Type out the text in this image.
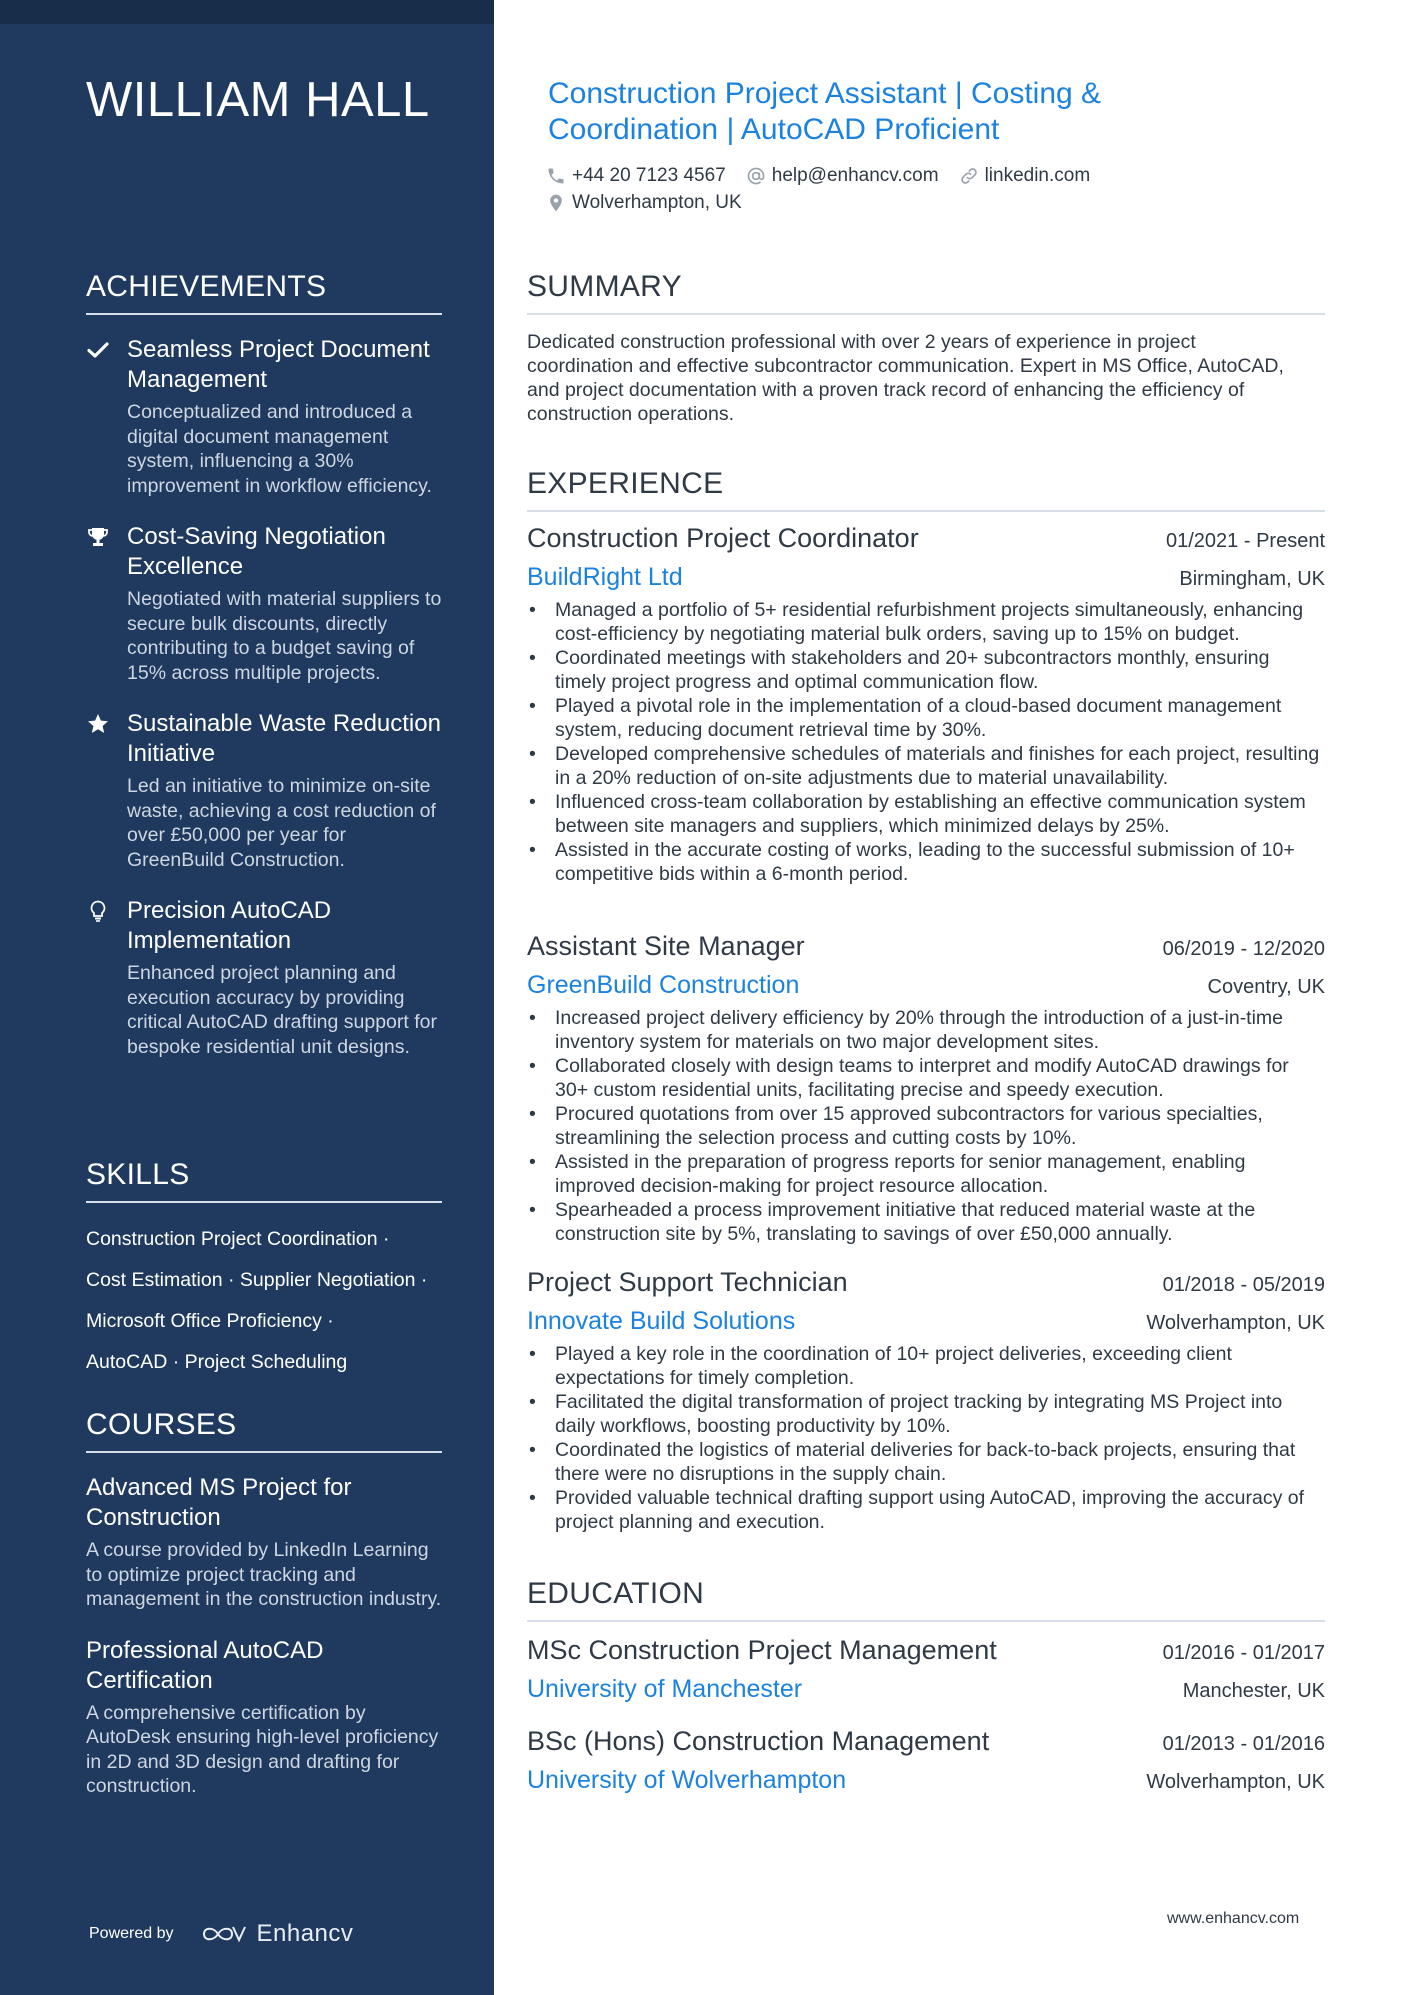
WILLIAM HALL
ACHIEVEMENTS
Seamless Project Document Management
Conceptualized and introduced a digital document management system, influencing a 30% improvement in workflow efficiency.
Cost-Saving Negotiation Excellence
Negotiated with material suppliers to secure bulk discounts, directly contributing to a budget saving of 15% across multiple projects.
Sustainable Waste Reduction Initiative
Led an initiative to minimize on-site waste, achieving a cost reduction of over £50,000 per year for GreenBuild Construction.
Precision AutoCAD Implementation
Enhanced project planning and execution accuracy by providing critical AutoCAD drafting support for bespoke residential unit designs.
SKILLS
Construction Project Coordination ·
Cost Estimation · Supplier Negotiation ·
Microsoft Office Proficiency ·
AutoCAD · Project Scheduling
COURSES
Advanced MS Project for Construction
A course provided by LinkedIn Learning to optimize project tracking and management in the construction industry.
Professional AutoCAD Certification
A comprehensive certification by AutoDesk ensuring high-level proficiency in 2D and 3D design and drafting for construction.
Powered by	Enhancv
Construction Project Assistant | Costing & Coordination | AutoCAD Proficient
+44 20 7123 4567 help@enhancv.com linkedin.com
Wolverhampton, UK
SUMMARY
Dedicated construction professional with over 2 years of experience in project coordination and effective subcontractor communication. Expert in MS Office, AutoCAD, and project documentation with a proven track record of enhancing the efficiency of construction operations.
EXPERIENCE
Construction Project Coordinator	01/2021 - Present
BuildRight Ltd	Birmingham, UK
• Managed a portfolio of 5+ residential refurbishment projects simultaneously, enhancing cost-efficiency by negotiating material bulk orders, saving up to 15% on budget.
• Coordinated meetings with stakeholders and 20+ subcontractors monthly, ensuring timely project progress and optimal communication flow.
• Played a pivotal role in the implementation of a cloud-based document management system, reducing document retrieval time by 30%.
• Developed comprehensive schedules of materials and finishes for each project, resulting in a 20% reduction of on-site adjustments due to material unavailability.
• Influenced cross-team collaboration by establishing an effective communication system between site managers and suppliers, which minimized delays by 25%.
• Assisted in the accurate costing of works, leading to the successful submission of 10+ competitive bids within a 6-month period.
Assistant Site Manager	06/2019 - 12/2020
GreenBuild Construction	Coventry, UK
• Increased project delivery efficiency by 20% through the introduction of a just-in-time inventory system for materials on two major development sites.
• Collaborated closely with design teams to interpret and modify AutoCAD drawings for 30+ custom residential units, facilitating precise and speedy execution.
• Procured quotations from over 15 approved subcontractors for various specialties, streamlining the selection process and cutting costs by 10%.
• Assisted in the preparation of progress reports for senior management, enabling improved decision-making for project resource allocation.
• Spearheaded a process improvement initiative that reduced material waste at the construction site by 5%, translating to savings of over £50,000 annually.
Project Support Technician	01/2018 - 05/2019
Innovate Build Solutions	Wolverhampton, UK
• Played a key role in the coordination of 10+ project deliveries, exceeding client expectations for timely completion.
• Facilitated the digital transformation of project tracking by integrating MS Project into daily workflows, boosting productivity by 10%.
• Coordinated the logistics of material deliveries for back-to-back projects, ensuring that there were no disruptions in the supply chain.
• Provided valuable technical drafting support using AutoCAD, improving the accuracy of project planning and execution.
EDUCATION
MSc Construction Project Management	01/2016 - 01/2017
University of Manchester	Manchester, UK
BSc (Hons) Construction Management	01/2013 - 01/2016
University of Wolverhampton	Wolverhampton, UK
www.enhancv.com
